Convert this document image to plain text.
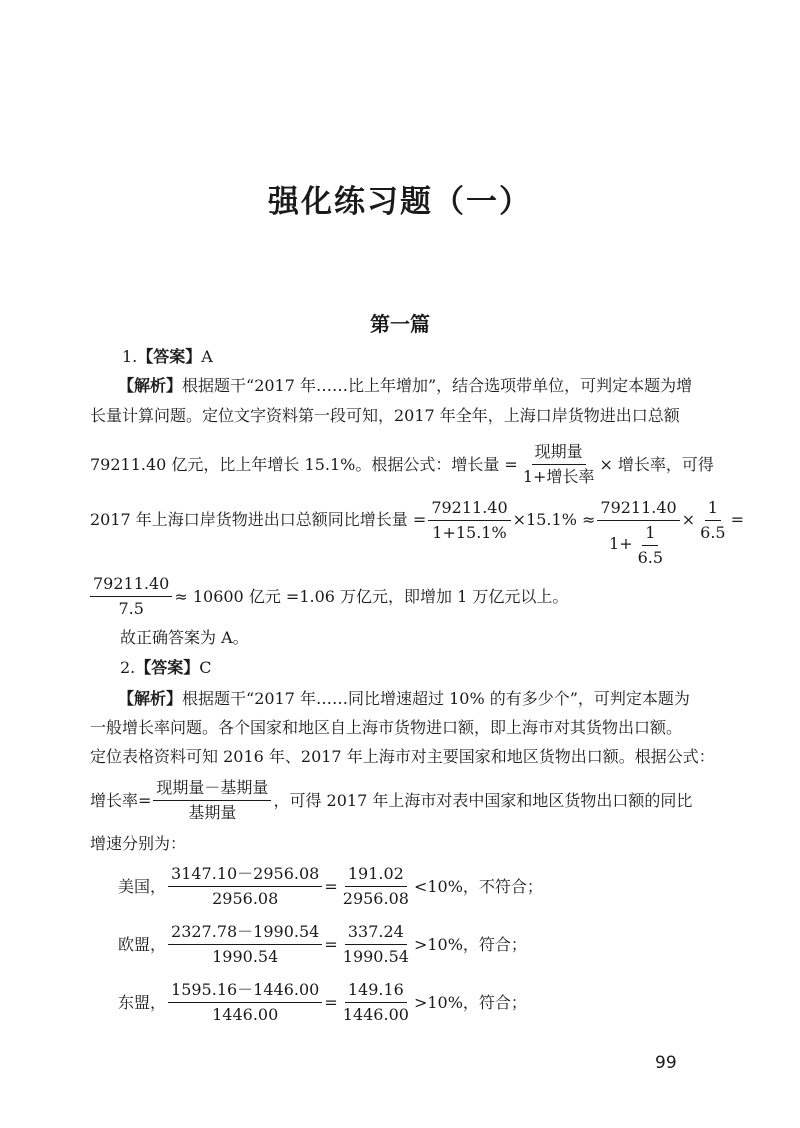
强化练习题（一）
第一篇
1.【答案】A
【解析】根据题干“2017 年……比上年增加”，结合选项带单位，可判定本题为增
长量计算问题。定位文字资料第一段可知，2017 年全年，上海口岸货物进出口总额
79211.40 亿元，比上年增长 15.1%。根据公式：增长量 = $\frac{\text{现期量}}{\text{1+增长率}}$ × 增长率，可得
2017 年上海口岸货物进出口总额同比增长量 = $\frac{79211.40}{1+15.1\%} \times 15.1\% \approx \frac{79211.40}{1+ \frac{1}{6.5}} \times \frac{1}{6.5}$ =
$\frac{79211.40}{7.5} \approx 10600$ 亿元 =1.06 万亿元，即增加 1 万亿元以上。
故正确答案为 A。
2.【答案】C
【解析】根据题干“2017 年……同比增速超过 10% 的有多少个”，可判定本题为
一般增长率问题。各个国家和地区自上海市货物进口额，即上海市对其货物出口额。
定位表格资料可知 2016 年、2017 年上海市对主要国家和地区货物出口额。根据公式：
增长率= $\frac{\text{现期量－基期量}}{\text{基期量}}$ ，可得 2017 年上海市对表中国家和地区货物出口额的同比
增速分别为：
美国， $\frac{3147.10-2956.08}{2956.08} = \frac{191.02}{2956.08} <10\%$，不符合；
欧盟， $\frac{2327.78-1990.54}{1990.54} = \frac{337.24}{1990.54} >10\%$，符合；
东盟， $\frac{1595.16-1446.00}{1446.00} = \frac{149.16}{1446.00} >10\%$，符合；
99
